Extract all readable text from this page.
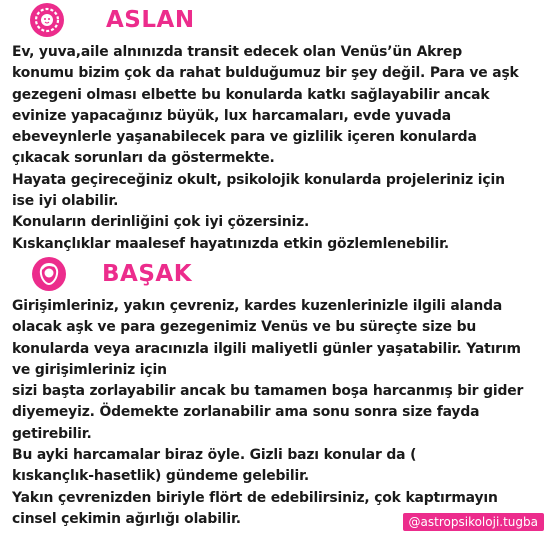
ASLAN
Ev, yuva,aile alnınızda transit edecek olan Venüs’ün Akrep
konumu bizim çok da rahat bulduğumuz bir şey değil. Para ve aşk
gezegeni olması elbette bu konularda katkı sağlayabilir ancak
evinize yapacağınız büyük, lux harcamaları, evde yuvada
ebeveynlerle yaşanabilecek para ve gizlilik içeren konularda
çıkacak sorunları da göstermekte.
Hayata geçireceğiniz okult, psikolojik konularda projeleriniz için
ise iyi olabilir.
Konuların derinliğini çok iyi çözersiniz.
Kıskançlıklar maalesef hayatınızda etkin gözlemlenebilir.
BAŞAK
Girişimleriniz, yakın çevreniz, kardes kuzenlerinizle ilgili alanda
olacak aşk ve para gezegenimiz Venüs ve bu süreçte size bu
konularda veya aracınızla ilgili maliyetli günler yaşatabilir. Yatırım
ve girişimleriniz için
sizi başta zorlayabilir ancak bu tamamen boşa harcanmış bir gider
diyemeyiz. Ödemekte zorlanabilir ama sonu sonra size fayda
getirebilir.
Bu ayki harcamalar biraz öyle. Gizli bazı konular da (
kıskançlık-hasetlik) gündeme gelebilir.
Yakın çevrenizden biriyle flört de edebilirsiniz, çok kaptırmayın
cinsel çekimin ağırlığı olabilir.	@astropsikoloji.tugba
